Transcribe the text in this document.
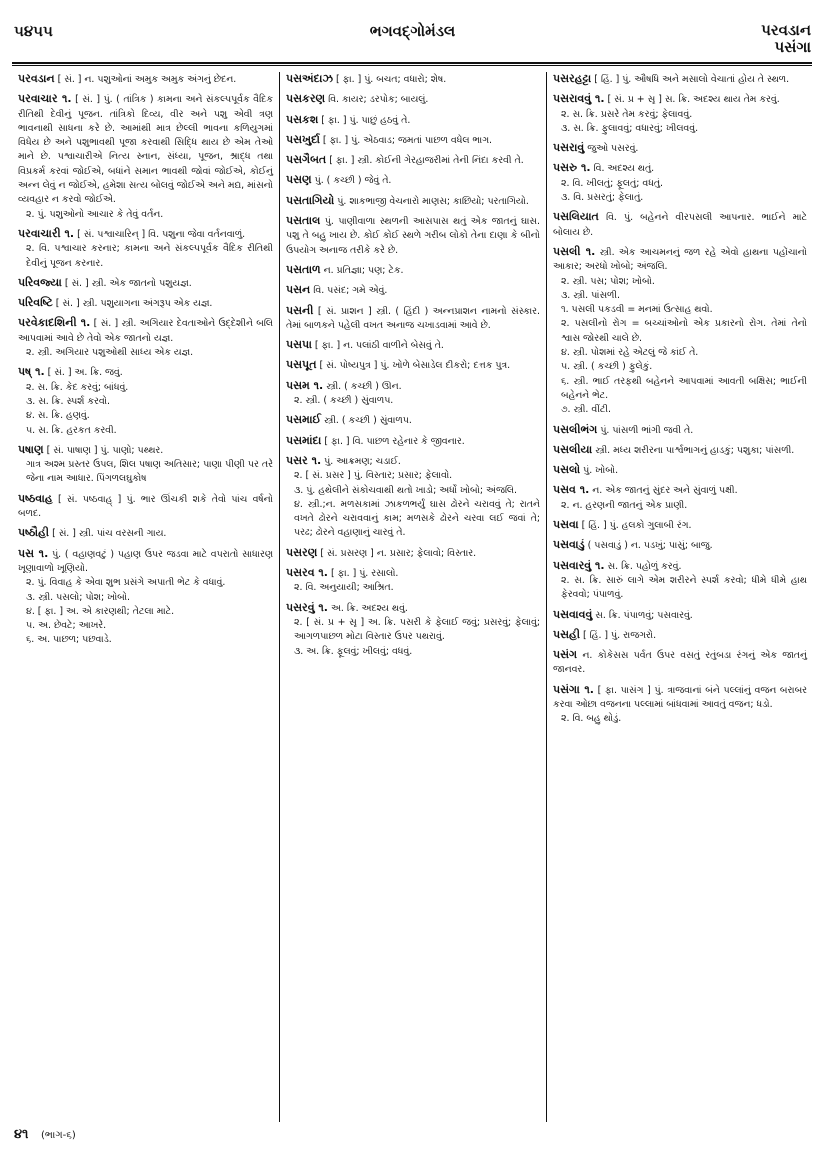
૫૪૫૫	ભગવદ્ગોમંડલ	પરવડાન
પસંગા

પરવડાન [ સં. ] ન. પશુઓનાં અમુક અમુક અંગનું છેદન.

પરવાચાર ૧. [ સં. ] પું. ( તાંત્રિક ) કામના અને સંકલ્પપૂર્વક વૈદિક રીતિથી દેવીનું પૂજન. તાંત્રિકો દિવ્ય, વીર અને પશુ એવી ત્રણ ભાવનાથી સાધના કરે છે. આમાંથી માત્ર છેલ્લી ભાવના કળિયુગમાં વિધેય છે અને પશુભાવથી પૂજા કરવાથી સિદ્ધિ થાય છે એમ તેઓ માને છે. પશ્વાચારીએ નિત્ય સ્નાન, સંધ્યા, પૂજન, શ્રાદ્ધ તથા વિપ્રકર્મ કરવાં જોઈએ, બધાંને સમાન ભાવથી જોવાં જોઈએ, કોઈનું અન્ન લેવું ન જોઈએ, હમેશા સત્ય બોલવું જોઈએ અને મદ્ય, માંસનો વ્યવહાર ન કરવો જોઈએ.

૨. પું. પશુઓનો આચાર કે તેવું વર્તન.

પરવાચારી ૧. [ સં. પશ્વાચારિન્ ] વિ. પશુના જેવા વર્તનવાળું.

૨. વિ. પશ્વાચાર કરનાર; કામના અને સંકલ્પપૂર્વક વૈદિક રીતિથી દેવીનું પૂજન કરનાર.

પરિવજ્યા [ સં. ] સ્ત્રી. એક જાતનો પશુયજ્ઞ.

પરિવષ્ટિ [ સં. ] સ્ત્રી. પશુયાગના અંગરૂપ એક યજ્ઞ.

પરવેકાદશિની ૧. [ સં. ] સ્ત્રી. અગિયાર દેવતાઓને ઉદ્દેશીને બલિ આપવામાં આવે છે તેવો એક જાતનો યજ્ઞ.

૨. સ્ત્રી. અગિયાર પશુઓથી સાધ્ય એક યજ્ઞ.

પષ્ ૧. [ સં. ] અ. ક્રિ. જવું.

૨. સ. ક્રિ. કેદ કરવું; બાંધવું.

૩. સ. ક્રિ. સ્પર્શ કરવો.

૪. સ. ક્રિ. હણવું.

૫. સ. ક્રિ. હરકત કરવી.

પષાણ [ સં. પાષાણ ] પું. પાણો; પથ્થર.

ગાત્ર અશ્મ પ્રસ્તર ઉપલ, શિલ પષાણ અતિસાર; પાણા પીણી પર તરે જેના નામ આધાર. પિંગળલઘુકોષ

પષ્ઠવાહ [ સં. પષ્ઠવાહ્ ] પું. ભાર ઊંચકી શકે તેવો પાંચ વર્ષનો બળદ.

પષ્ઠૌહી [ સં. ] સ્ત્રી. પાંચ વરસની ગાય.

પસ ૧. પું. ( વહાણવટું ) પહાણ ઉપર જડવા માટે વપરાતો સાધારણ ખૂણાવાળો ખૂણિયો.

૨. પું. વિવાહ કે એવા શુભ પ્રસંગે અપાતી ભેટ કે વધાવું.

૩. સ્ત્રી. પસલો; પોશ; ખોબો.

૪. [ ફા. ] અ. એ કારણથી; તેટલા માટે.

૫. અ. છેવટે; આખરે.

૬. અ. પાછળ; પછવાડે.

પસઅંદાઝ [ ફા. ] પું. બચત; વધારો; શેષ.

પસકરણ વિ. કાયર; ડરપોક; બાયલું.

પસકશ [ ફા. ] પું. પાછું હઠવું તે.

પસખુર્દા [ ફા. ] પું. એઠવાડ; જમતાં પાછળ વધેલ ભાગ.

પસગૈબત [ ફા. ] સ્ત્રી. કોઈની ગેરહાજરીમાં તેની નિંદા કરવી તે.

પસણ પું. ( કચ્છી ) જેવું તે.

પસતાગિયો પું. શાકભાજી વેચનારો માણસ; કાછિયો; પરતાગિયો.

પસતાલ પું. પાણીવાળા સ્થળની આસપાસ થતું એક જાતનું ઘાસ. પશુ તે બહુ ખાય છે. કોઈ કોઈ સ્થળે ગરીબ લોકો તેના દાણા કે બીનો ઉપયોગ અનાજ તરીકે કરે છે.

પસતાળ ન. પ્રતિજ્ઞા; પણ; ટેક.

પસન વિ. પસંદ; ગમે એવું.

પસની [ સં. પ્રાશન ] સ્ત્રી. ( હિંદી ) અન્નપ્રાશન નામનો સંસ્કાર. તેમાં બાળકને પહેલી વખત અનાજ ચખાડવામાં આવે છે.

પસપા [ ફા. ] ન. પલાંઠી વાળીને બેસવું તે.

પસપૂત [ સં. પોષ્યપુત્ર ] પું. ખોળે બેસાડેલ દીકરો; દત્તક પુત્ર.

પસમ ૧. સ્ત્રી. ( કચ્છી ) ઊન.

૨. સ્ત્રી. ( કચ્છી ) સુંવાળપ.

પસમાઈ સ્ત્રી. ( કચ્છી ) સુંવાળપ.

પસમાંદા [ ફા. ] વિ. પાછળ રહેનાર કે જીવનાર.

પસર ૧. પું. આક્રમણ; ચડાઈ.

૨. [ સં. પ્રસર ] પું. વિસ્તાર; પ્રસાર; ફેલાવો.

૩. પું. હથેલીને સંકોચવાથી થતો ખાડો; અર્ધો ખોબો; અંજલિ.

૪. સ્ત્રી.;ન. મળસકામાં ઝાકળભર્યું ઘાસ ઢોરને ચરાવવું તે; રાતને વખતે ઢોરને ચરાવવાનું કામ; મળસકે ઢોરને ચરવા લઈ જવાં તે; પરઢ; ઢોરને વહાણાનું ચારવું તે.

પસરણ [ સં. પ્રસરણ ] ન. પ્રસાર; ફેલાવો; વિસ્તાર.

પસરવ ૧. [ ફા. ] પું. રસાલો.

૨. વિ. અનુયાયી; આશ્રિત.

પસરવું ૧. અ. ક્રિ. અદશ્ય થવું.

૨. [ સં. પ્ર + સૃ ] અ. ક્રિ. પસરી કે ફેલાઈ જવું; પ્રસરવું; ફેલાવું; આગળપાછળ મોટા વિસ્તાર ઉપર પથરાવું.

૩. અ. ક્રિ. ફૂલવું; ખીલવું; વધવું.

પસરહટ્ટા [ હિં. ] પું. ઔષધિ અને મસાલો વેચાતાં હોય તે સ્થળ.

પસરાવવું ૧. [ સં. પ્ર + સૃ ] સ. ક્રિ. અદશ્ય થાય તેમ કરવું.

૨. સ. ક્રિ. પ્રસરે તેમ કરવું; ફેલાવવું.

૩. સ. ક્રિ. ફુલાવવું; વધારવું; ખીલવવું.

પસરાવું જુઓ પસરવું.

પસરુ ૧. વિ. અદશ્ય થતું.

૨. વિ. ખીલતું; ફૂલતું; વધતું.

૩. વિ. પ્રસરતું; ફેલાતું.

પસલિયાત વિ. પું. બહેનને વીરપસલી આપનાર. ભાઈને માટે બોલાય છે.

પસલી ૧. સ્ત્રી. એક આચમનનું જળ રહે એવો હાથના પહોંચાનો આકાર; અરધો ખોબો; અંજલિ.

૨. સ્ત્રી. પસ; પોશ; ખોબો.

૩. સ્ત્રી. પાંસળી.

૧. પસલી પકડવી = મનમાં ઉત્સાહ થવો.

૨. પસલીનો રોગ = બચ્ચાંઓનો એક પ્રકારનો રોગ. તેમાં તેનો શ્વાસ જોરથી ચાલે છે.

૪. સ્ત્રી. પોશમાં રહે એટલું જે કાંઈ તે.

૫. સ્ત્રી. ( કચ્છી ) ફુલેકું.

૬. સ્ત્રી. ભાઈ તરફથી બહેનને આપવામાં આવતી બક્ષિસ; ભાઈની બહેનને ભેટ.

૭. સ્ત્રી. વીંટી.

પસલીભંગ પું. પાંસળી ભાંગી જવી તે.

પસલીયા સ્ત્રી. મધ્ય શરીરના પાર્શ્વભાગનું હાડકું; પશુકા; પાંસળી.

પસલો પું. ખોબો.

પસવ ૧. ન. એક જાતનું સુંદર અને સુંવાળું પક્ષી.

૨. ન. હરણની જાતનું એક પ્રાણી.

પસવા [ હિં. ] પું. હલકો ગુલાબી રંગ.

પસવાડું ( પસવાડું ) ન. પડખું; પાસું; બાજુ.

પસવારવું ૧. સ. ક્રિ. પહોળું કરવું.

૨. સ. ક્રિ. સારું લાગે એમ શરીરને સ્પર્શ કરવો; ધીમે ધીમે હાથ ફેરવવો; પંપાળવું.

પસવાવવું સ. ક્રિ. પંપાળવું; પસવારવું.

પસહી [ હિં. ] પું. રાજગરો.

પસંગ ન. કોકેસસ પર્વત ઉપર વસતું રતુંબડા રંગનું એક જાતનું જાનવર.

પસંગા ૧. [ ફા. પાસંગ ] પું. ત્રાજવાનાં બંને પલ્લાંનું વજન બરાબર કરવા ઓછા વજનના પલ્લામાં બાંધવામાં આવતું વજન; ધડો.

૨. વિ. બહુ થોડું.

૪૧ (ભાગ-૬)
